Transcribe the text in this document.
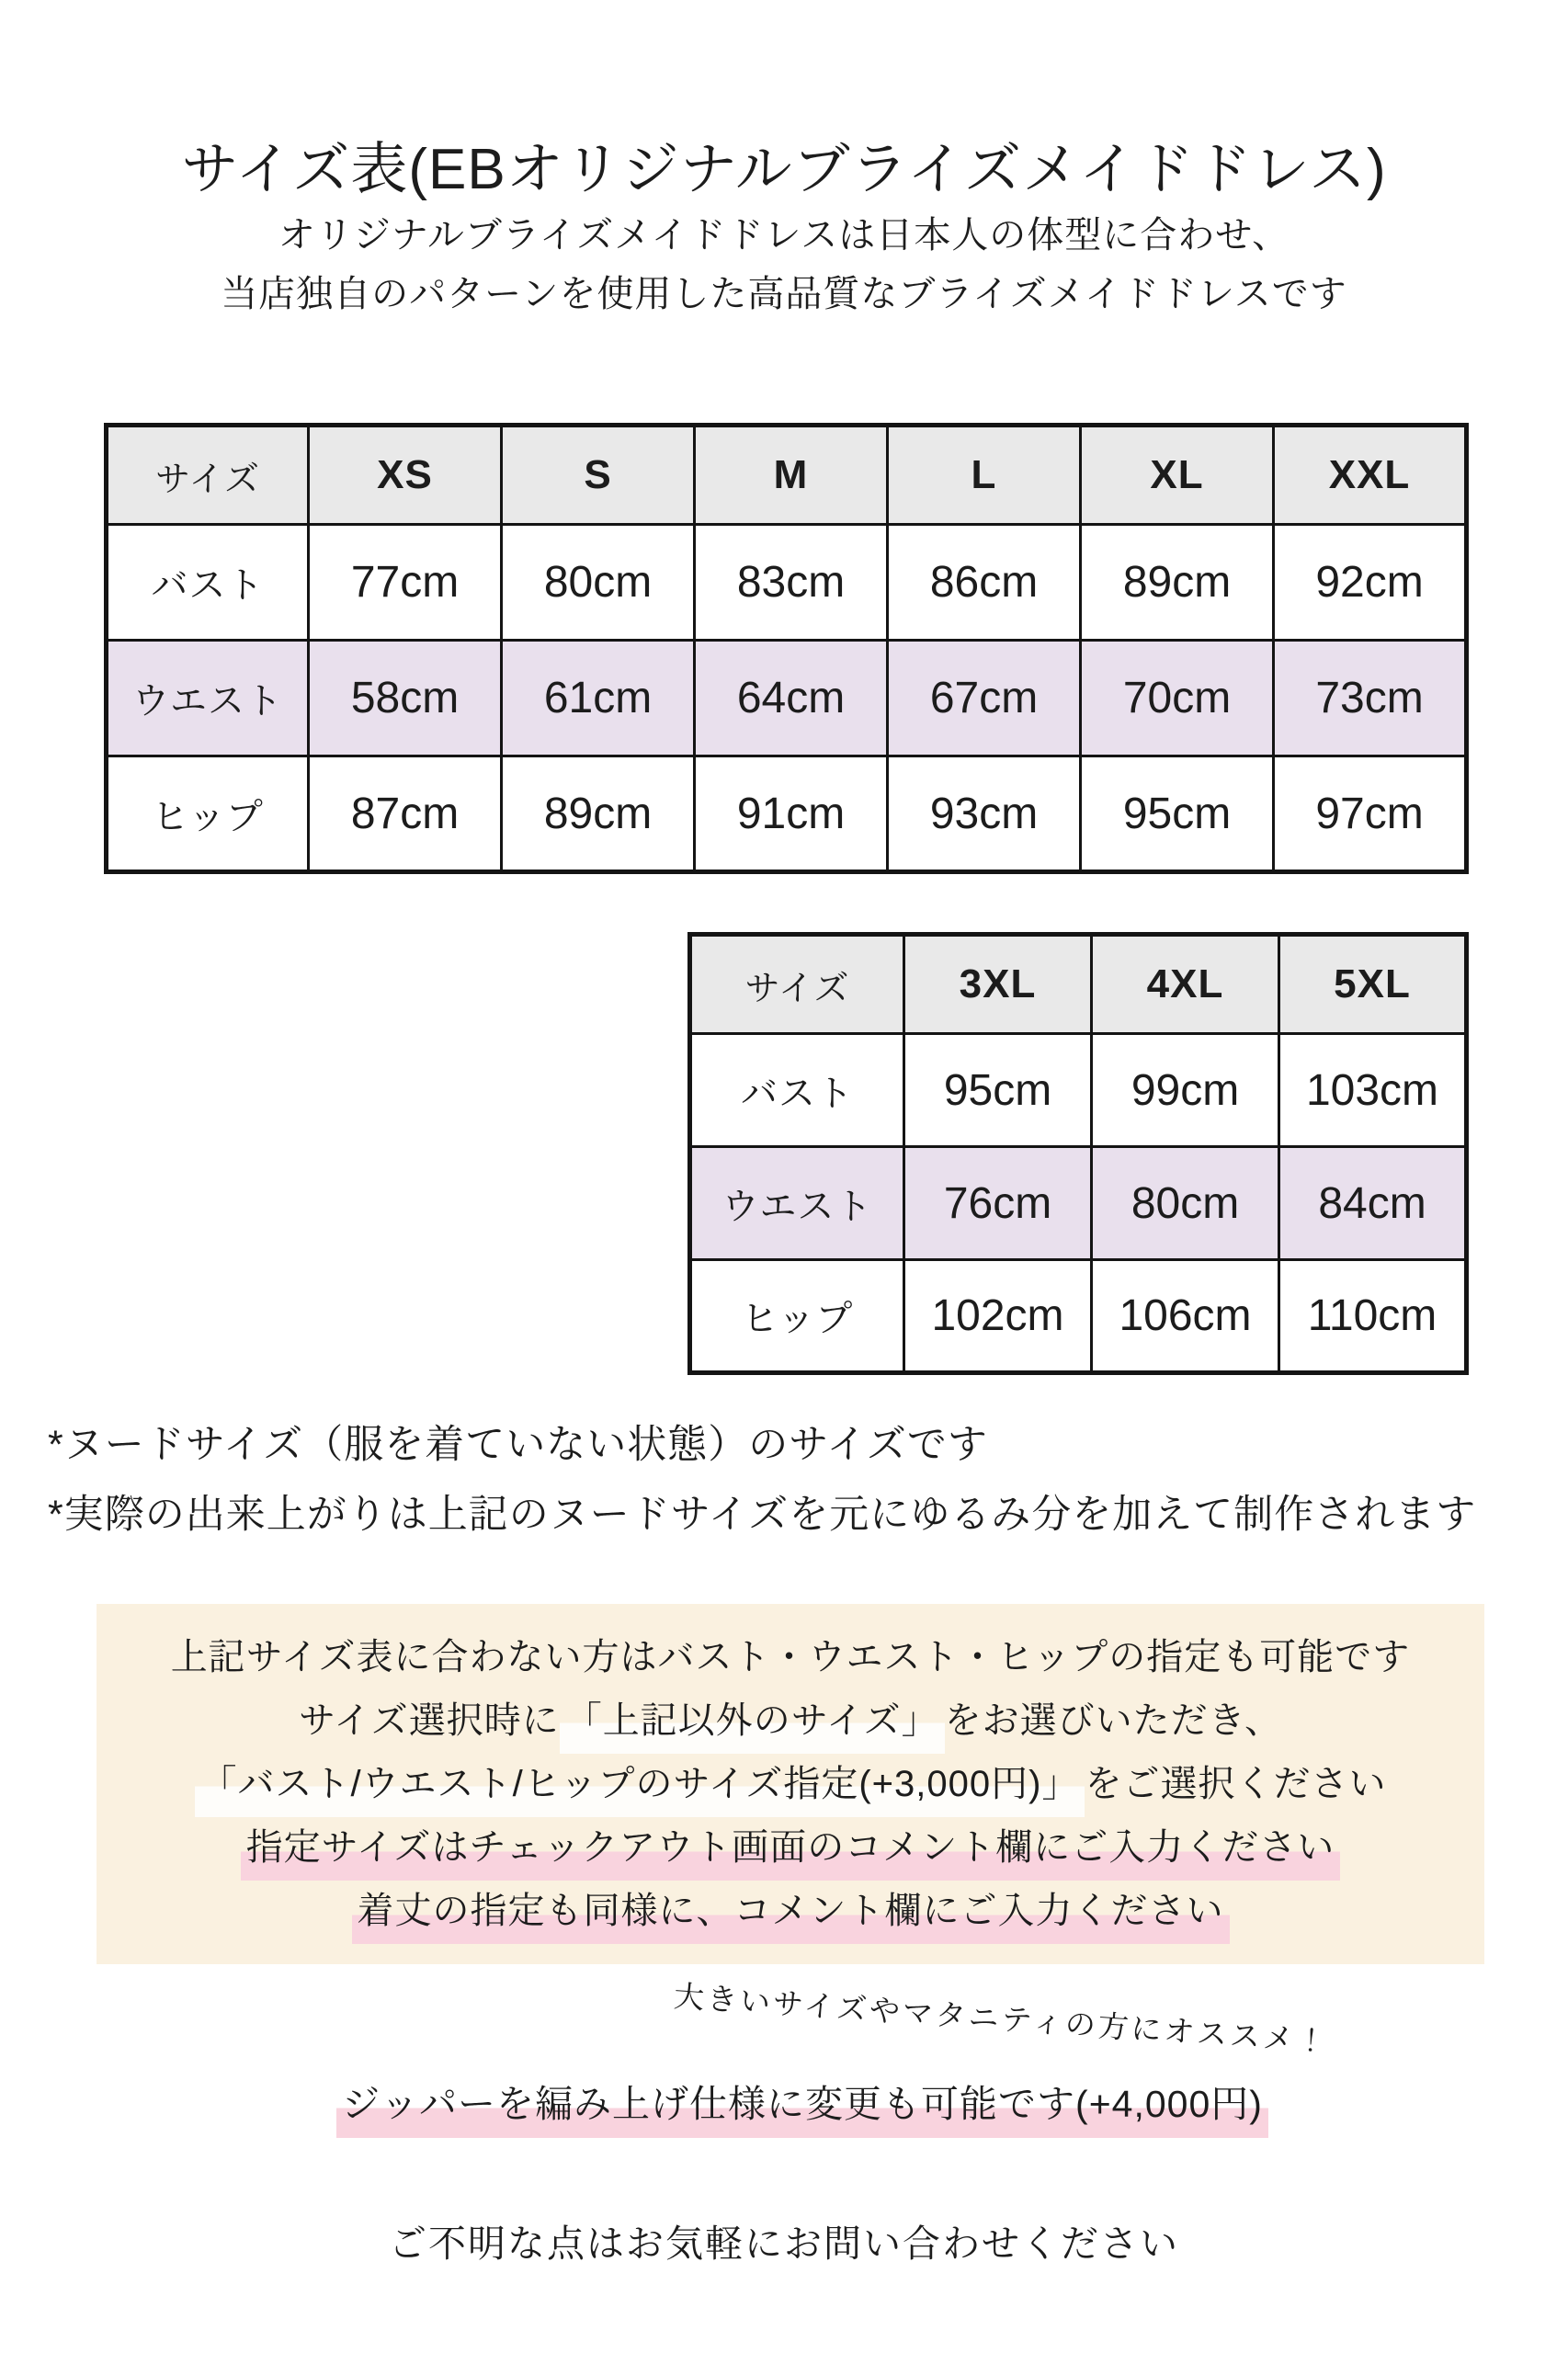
サイズ表(EBオリジナルブライズメイドドレス)

オリジナルブライズメイドドレスは日本人の体型に合わせ、

当店独自のパターンを使用した高品質なブライズメイドドレスです

サイズ	XS	S	M	L	XL	XXL
バスト	77cm	80cm	83cm	86cm	89cm	92cm
ウエスト	58cm	61cm	64cm	67cm	70cm	73cm
ヒップ	87cm	89cm	91cm	93cm	95cm	97cm
サイズ	3XL	4XL	5XL
バスト	95cm	99cm	103cm
ウエスト	76cm	80cm	84cm
ヒップ	102cm	106cm	110cm

*ヌードサイズ（服を着ていない状態）のサイズです

*実際の出来上がりは上記のヌードサイズを元にゆるみ分を加えて制作されます

上記サイズ表に合わない方はバスト・ウエスト・ヒップの指定も可能です

サイズ選択時に 「上記以外のサイズ」 をお選びいただき、

「バスト/ウエスト/ヒップのサイズ指定(+3,000円)」 をご選択ください

指定サイズはチェックアウト画面のコメント欄にご入力ください

着丈の指定も同様に、コメント欄にご入力ください

大きいサイズやマタニティの方にオススメ！
ジッパーを編み上げ仕様に変更も可能です(+4,000円)
ご不明な点はお気軽にお問い合わせください
